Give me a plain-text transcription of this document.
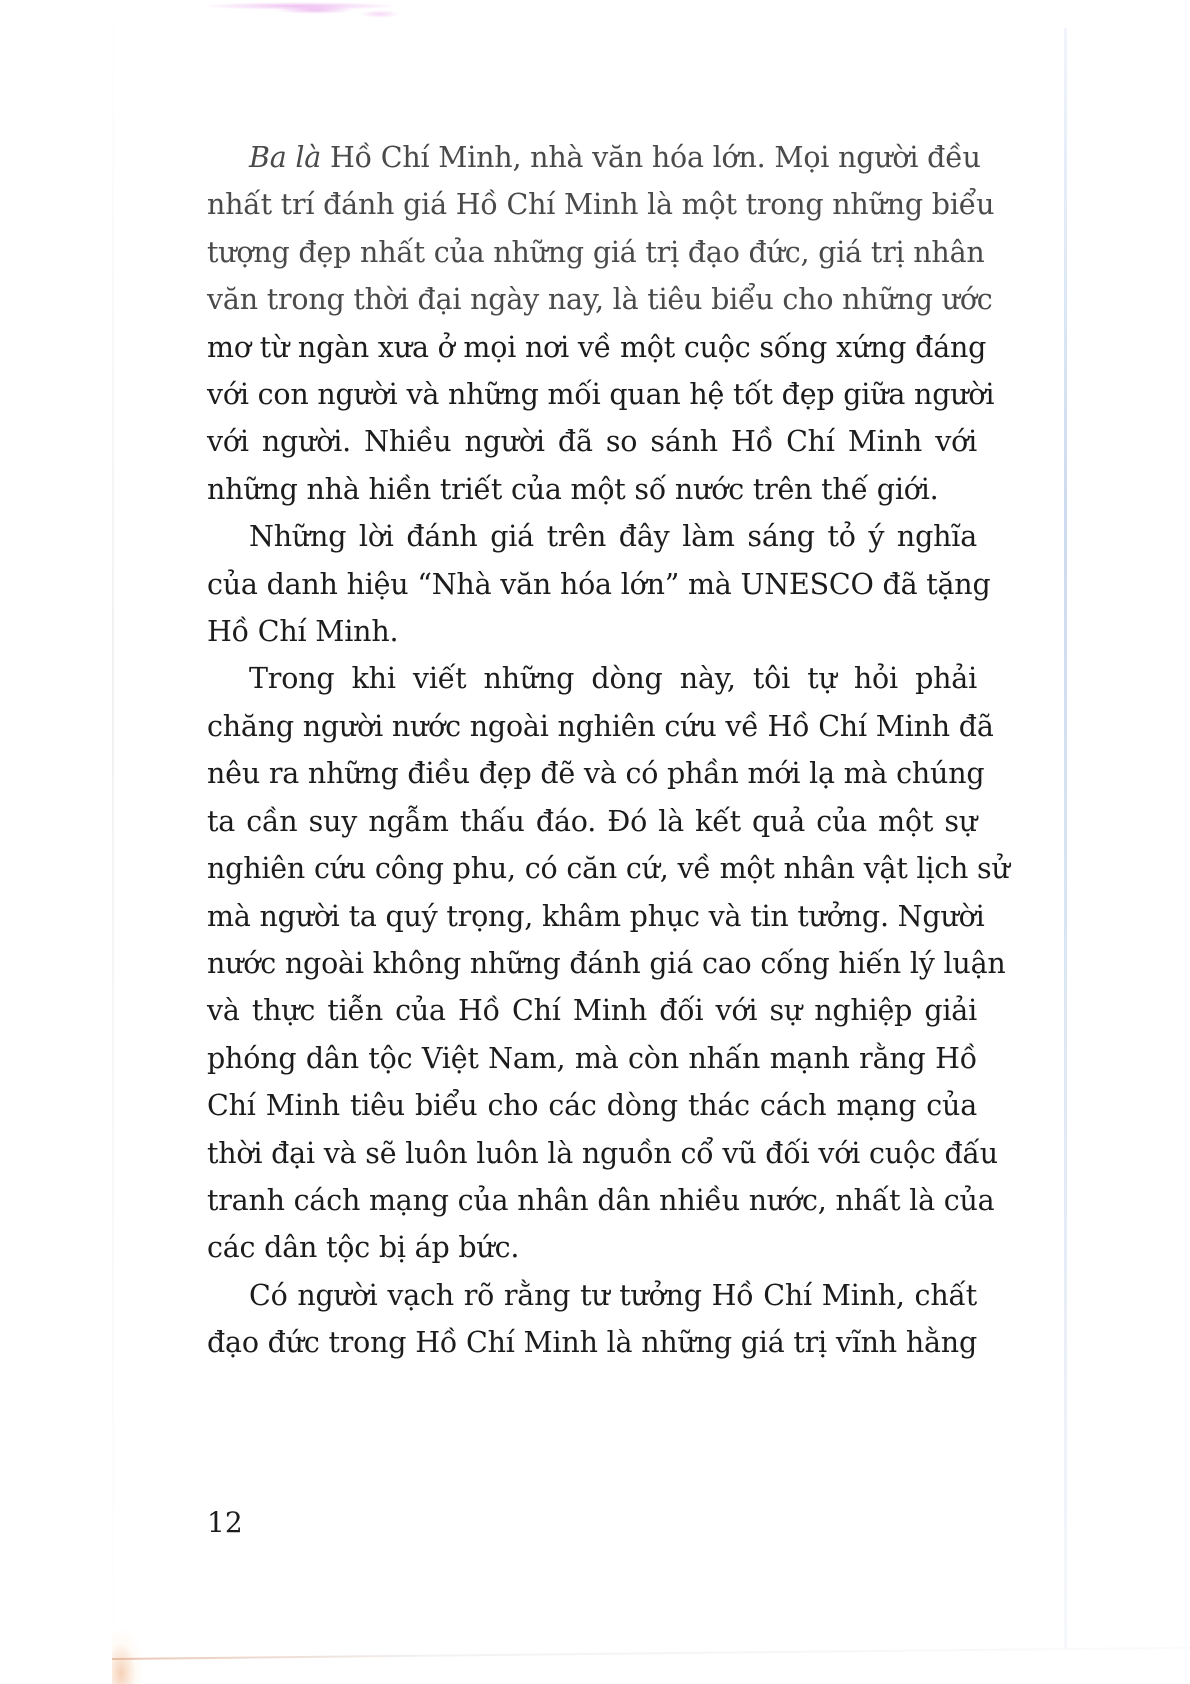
Ba là Hồ Chí Minh, nhà văn hóa lớn. Mọi người đều
nhất trí đánh giá Hồ Chí Minh là một trong những biểu
tượng đẹp nhất của những giá trị đạo đức, giá trị nhân
văn trong thời đại ngày nay, là tiêu biểu cho những ước
mơ từ ngàn xưa ở mọi nơi về một cuộc sống xứng đáng
với con người và những mối quan hệ tốt đẹp giữa người
với người. Nhiều người đã so sánh Hồ Chí Minh với
những nhà hiền triết của một số nước trên thế giới.
Những lời đánh giá trên đây làm sáng tỏ ý nghĩa
của danh hiệu “Nhà văn hóa lớn” mà UNESCO đã tặng
Hồ Chí Minh.
Trong khi viết những dòng này, tôi tự hỏi phải
chăng người nước ngoài nghiên cứu về Hồ Chí Minh đã
nêu ra những điều đẹp đẽ và có phần mới lạ mà chúng
ta cần suy ngẫm thấu đáo. Đó là kết quả của một sự
nghiên cứu công phu, có căn cứ, về một nhân vật lịch sử
mà người ta quý trọng, khâm phục và tin tưởng. Người
nước ngoài không những đánh giá cao cống hiến lý luận
và thực tiễn của Hồ Chí Minh đối với sự nghiệp giải
phóng dân tộc Việt Nam, mà còn nhấn mạnh rằng Hồ
Chí Minh tiêu biểu cho các dòng thác cách mạng của
thời đại và sẽ luôn luôn là nguồn cổ vũ đối với cuộc đấu
tranh cách mạng của nhân dân nhiều nước, nhất là của
các dân tộc bị áp bức.
Có người vạch rõ rằng tư tưởng Hồ Chí Minh, chất
đạo đức trong Hồ Chí Minh là những giá trị vĩnh hằng
12
